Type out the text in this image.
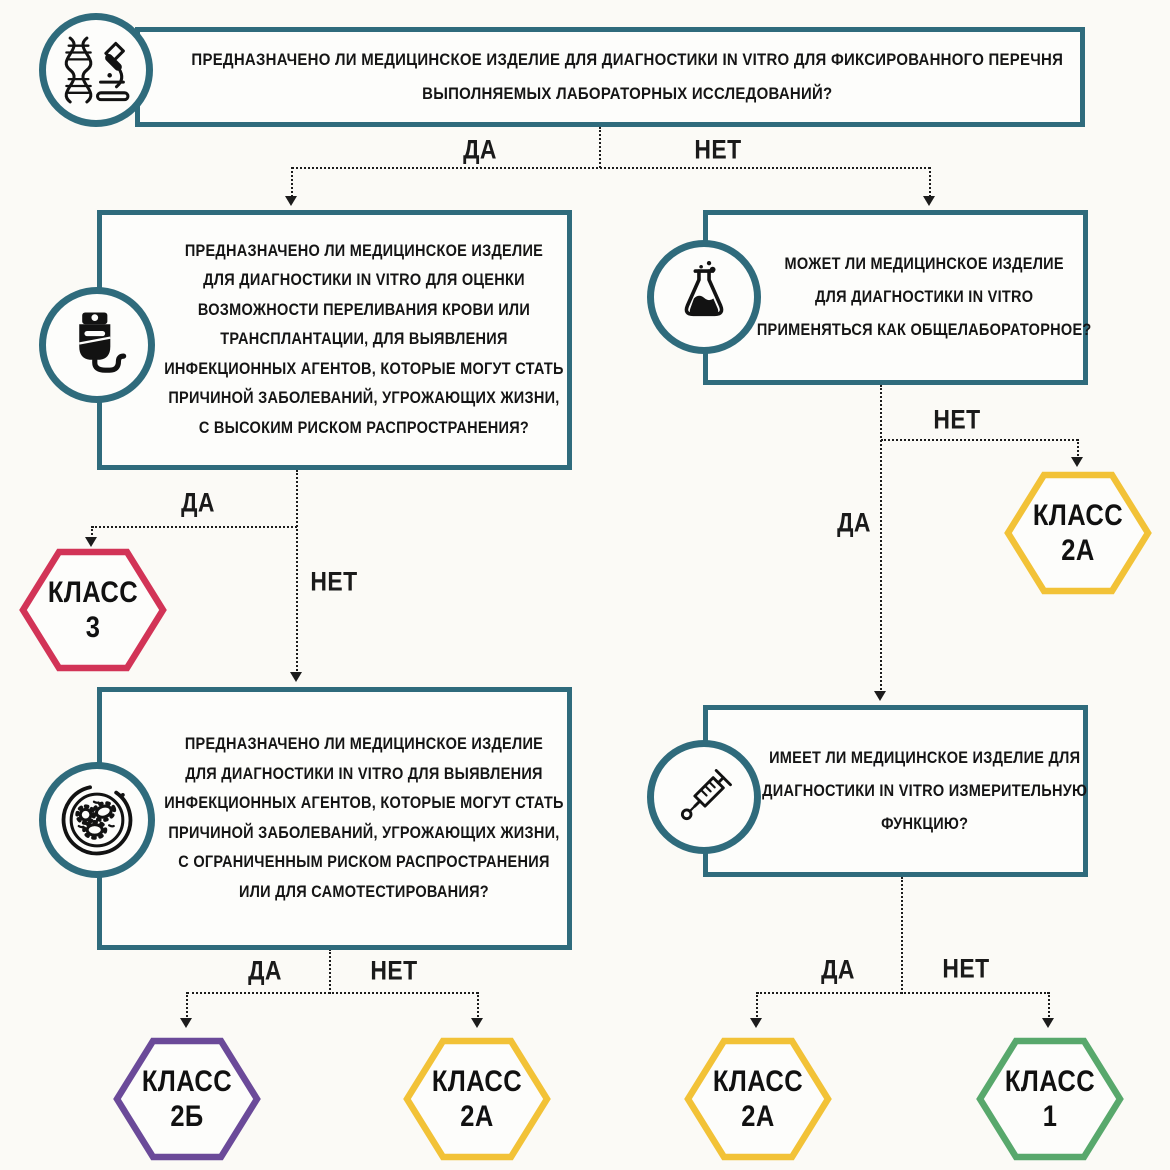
ДА	НЕТ
ДА
НЕТ
НЕТ
ДА
ДА	НЕТ	ДА	НЕТ
ПРЕДНАЗНАЧЕНО ЛИ МЕДИЦИНСКОЕ ИЗДЕЛИЕ ДЛЯ ДИАГНОСТИКИ IN VITRO ДЛЯ ФИКСИРОВАННОГО ПЕРЕЧНЯ
ВЫПОЛНЯЕМЫХ ЛАБОРАТОРНЫХ ИССЛЕДОВАНИЙ?
ПРЕДНАЗНАЧЕНО ЛИ МЕДИЦИНСКОЕ ИЗДЕЛИЕ
ДЛЯ ДИАГНОСТИКИ IN VITRO ДЛЯ ОЦЕНКИ
ВОЗМОЖНОСТИ ПЕРЕЛИВАНИЯ КРОВИ ИЛИ
ТРАНСПЛАНТАЦИИ, ДЛЯ ВЫЯВЛЕНИЯ
ИНФЕКЦИОННЫХ АГЕНТОВ, КОТОРЫЕ МОГУТ СТАТЬ
ПРИЧИНОЙ ЗАБОЛЕВАНИЙ, УГРОЖАЮЩИХ ЖИЗНИ,
С ВЫСОКИМ РИСКОМ РАСПРОСТРАНЕНИЯ?
МОЖЕТ ЛИ МЕДИЦИНСКОЕ ИЗДЕЛИЕ
ДЛЯ ДИАГНОСТИКИ IN VITRO
ПРИМЕНЯТЬСЯ КАК ОБЩЕЛАБОРАТОРНОЕ?
ПРЕДНАЗНАЧЕНО ЛИ МЕДИЦИНСКОЕ ИЗДЕЛИЕ
ДЛЯ ДИАГНОСТИКИ IN VITRO ДЛЯ ВЫЯВЛЕНИЯ
ИНФЕКЦИОННЫХ АГЕНТОВ, КОТОРЫЕ МОГУТ СТАТЬ
ПРИЧИНОЙ ЗАБОЛЕВАНИЙ, УГРОЖАЮЩИХ ЖИЗНИ,
С ОГРАНИЧЕННЫМ РИСКОМ РАСПРОСТРАНЕНИЯ
ИЛИ ДЛЯ САМОТЕСТИРОВАНИЯ?
ИМЕЕТ ЛИ МЕДИЦИНСКОЕ ИЗДЕЛИЕ ДЛЯ
ДИАГНОСТИКИ IN VITRO ИЗМЕРИТЕЛЬНУЮ
ФУНКЦИЮ?
КЛАСС
3
КЛАСС
2А
КЛАСС
2Б
КЛАСС
2А
КЛАСС
2А
КЛАСС
1
